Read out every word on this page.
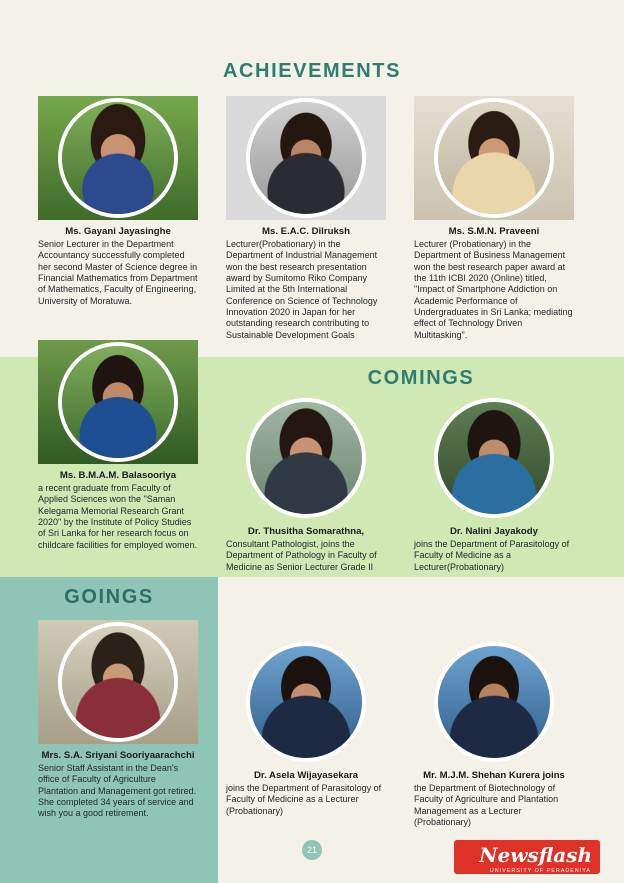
ACHIEVEMENTS
Ms. Gayani Jayasinghe
Senior Lecturer in the Department Accountancy successfully completed her second Master of Science degree in Financial Mathematics from Department of Mathematics, Faculty of Engineering, University of Moratuwa.
Ms. E.A.C. Dilruksh
Lecturer(Probationary) in the Department of Industrial Management won the best research presentation award by Sumitomo Riko Company Limited at the 5th International Conference on Science of Technology Innovation 2020 in Japan for her outstanding research contributing to Sustainable Development Goals
Ms. S.M.N. Praveeni
Lecturer (Probationary) in the Department of Business Management won the best research paper award at the 11th ICBI 2020 (Online) titled, "Impact of Smartphone Addiction on Academic Performance of Undergraduates in Sri Lanka; mediating effect of Technology Driven Multitasking".
Ms. B.M.A.M. Balasooriya
a recent graduate from Faculty of Applied Sciences won the "Saman Kelegama Memorial Research Grant 2020" by the Institute of Policy Studies of Sri Lanka for her research focus on childcare facilities for employed women.
COMINGS
Dr. Thusitha Somarathna,
Consultant Pathologist, joins the Department of Pathology in Faculty of Medicine as Senior Lecturer Grade II
Dr. Nalini Jayakody
joins the Department of Parasitology of Faculty of Medicine as a Lecturer(Probationary)
GOINGS
Mrs. S.A. Sriyani Sooriyaarachchi
Senior Staff Assistant in the Dean's office of Faculty of Agriculture Plantation and Management got retired. She completed 34 years of service and wish you a good retirement.
Dr. Asela Wijayasekara
joins the Department of Parasitology of Faculty of Medicine as a Lecturer (Probationary)
Mr. M.J.M. Shehan Kurera joins
the Department of Biotechnology of Faculty of Agriculture and Plantation Management as a Lecturer (Probationary)
21	Newsflash
UNIVERSITY OF PERADENIYA
